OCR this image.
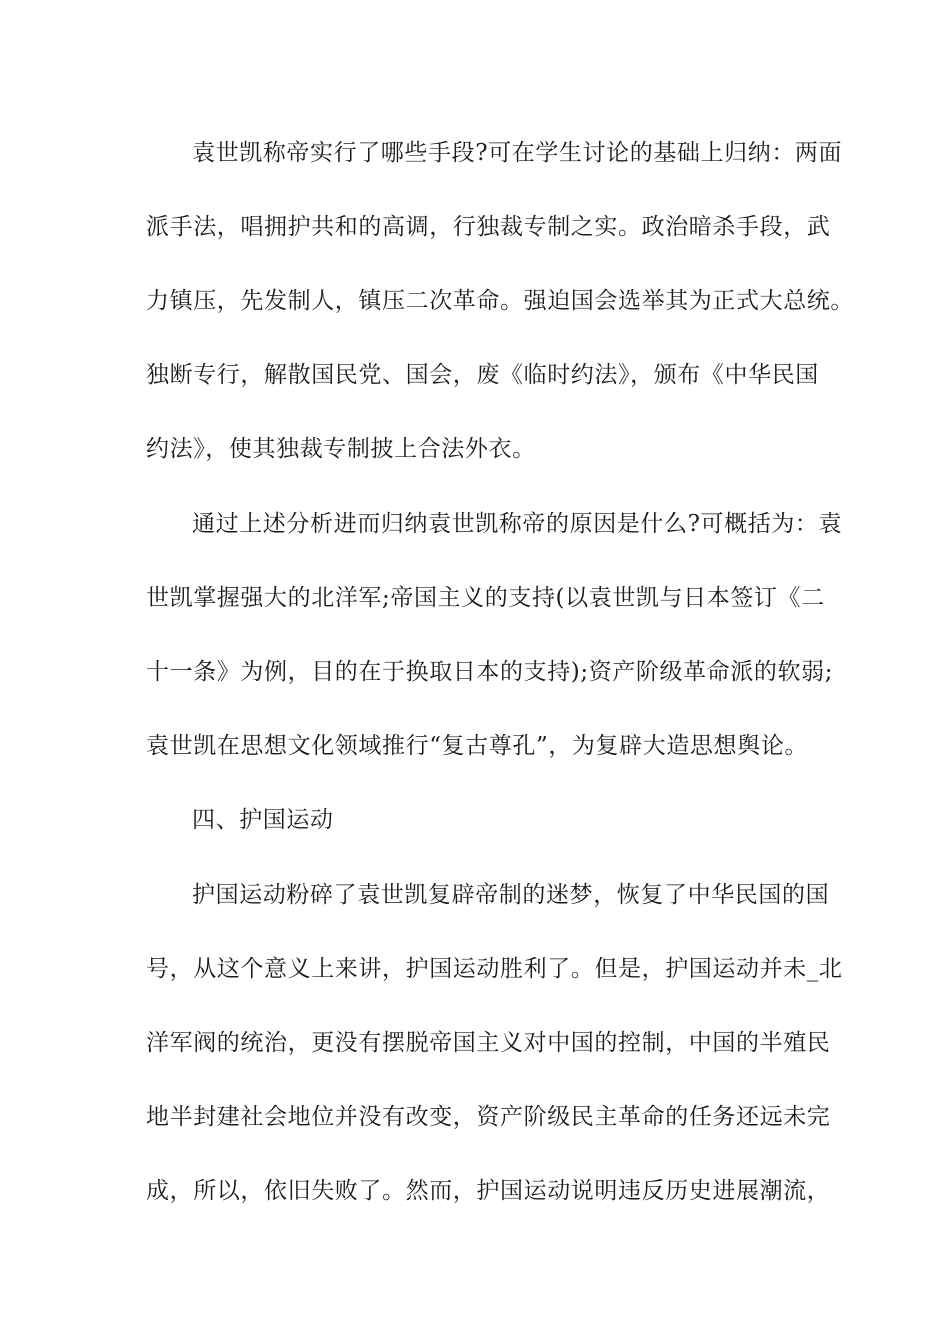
袁世凯称帝实行了哪些手段?可在学生讨论的基础上归纳：两面
派手法，唱拥护共和的高调，行独裁专制之实。政治暗杀手段，武
力镇压，先发制人，镇压二次革命。强迫国会选举其为正式大总统。
独断专行，解散国民党、国会，废《临时约法》，颁布《中华民国
约法》，使其独裁专制披上合法外衣。
通过上述分析进而归纳袁世凯称帝的原因是什么?可概括为：袁
世凯掌握强大的北洋军;帝国主义的支持(以袁世凯与日本签订《二
十一条》为例，目的在于换取日本的支持);资产阶级革命派的软弱;
袁世凯在思想文化领域推行“复古尊孔”，为复辟大造思想舆论。
四、护国运动
护国运动粉碎了袁世凯复辟帝制的迷梦，恢复了中华民国的国
号，从这个意义上来讲，护国运动胜利了。但是，护国运动并未_北
洋军阀的统治，更没有摆脱帝国主义对中国的控制，中国的半殖民
地半封建社会地位并没有改变，资产阶级民主革命的任务还远未完
成，所以，依旧失败了。然而，护国运动说明违反历史进展潮流，
